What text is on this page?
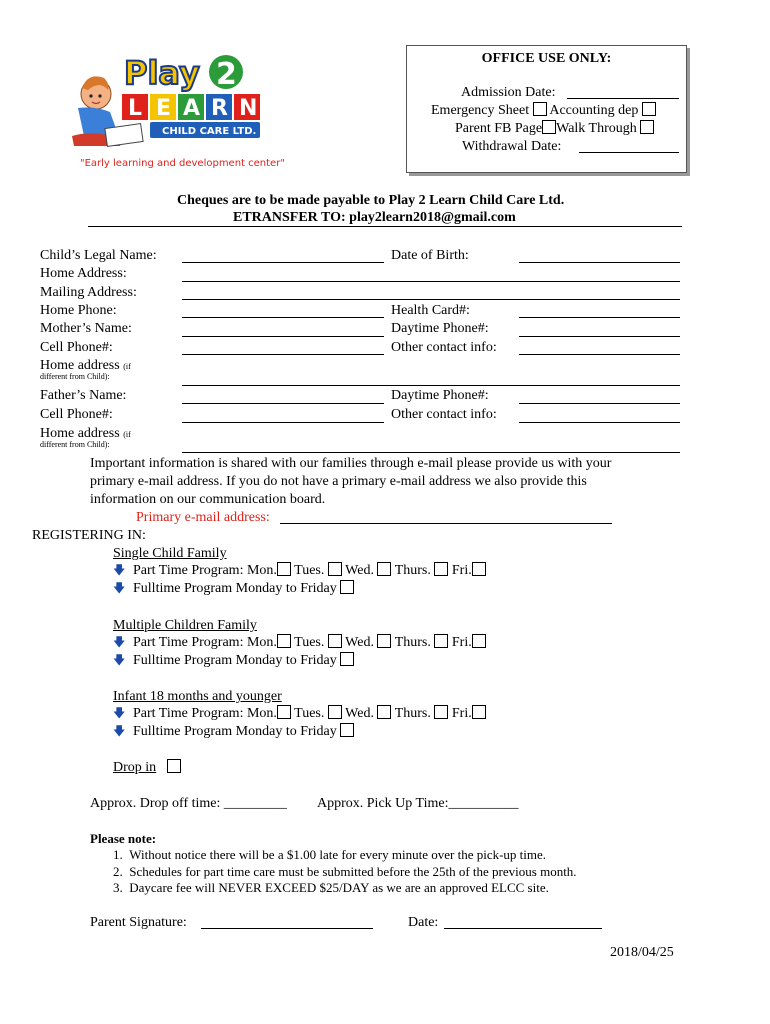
Play 2
L E A R N
CHILD CARE LTD.
"Early learning and development center"
OFFICE USE ONLY:
Admission Date:
Emergency Sheet Accounting dep
Parent FB Page Walk Through
Withdrawal Date:
Cheques are to be made payable to Play 2 Learn Child Care Ltd.
ETRANSFER TO: play2learn2018@gmail.com
Child’s Legal Name:
Home Address:
Mailing Address:
Home Phone:
Mother’s Name:
Cell Phone#:
Home address (if
different from Child):
Father’s Name:
Cell Phone#:
Home address (if
different from Child):
Date of Birth:
Health Card#:
Daytime Phone#:
Other contact info:
Daytime Phone#:
Other contact info:
Important information is shared with our families through e-mail please provide us with your
primary e-mail address. If you do not have a primary e-mail address we also provide this
information on our communication board.
Primary e-mail address:
REGISTERING IN:
Single Child Family
🡇 Part Time Program: Mon. Tues. Wed. Thurs. Fri.
🡇 Fulltime Program Monday to Friday
Multiple Children Family
🡇 Part Time Program: Mon. Tues. Wed. Thurs. Fri.
🡇 Fulltime Program Monday to Friday
Infant 18 months and younger
🡇 Part Time Program: Mon. Tues. Wed. Thurs. Fri.
🡇 Fulltime Program Monday to Friday
Drop in
Approx. Drop off time: _________ Approx. Pick Up Time:__________
Please note:
1. Without notice there will be a $1.00 late for every minute over the pick-up time.
2. Schedules for part time care must be submitted before the 25th of the previous month.
3. Daycare fee will NEVER EXCEED $25/DAY as we are an approved ELCC site.
Parent Signature:	Date:
2018/04/25
